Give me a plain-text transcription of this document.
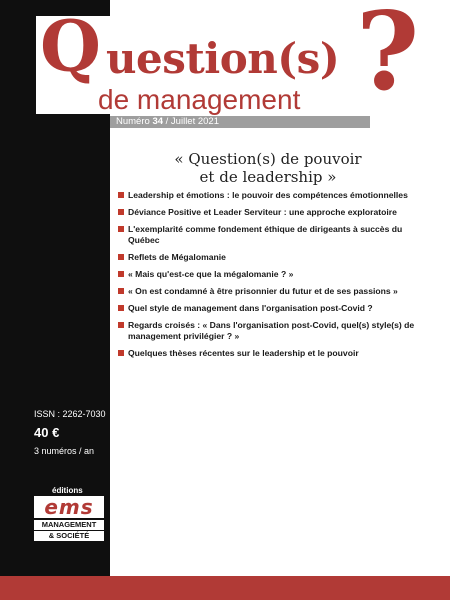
Q uestion(s)
de management ?
Numéro 34 / Juillet 2021
« Question(s) de pouvoir
et de leadership »
Leadership et émotions : le pouvoir des compétences émotionnelles
Déviance Positive et Leader Serviteur : une approche exploratoire
L'exemplarité comme fondement éthique de dirigeants à succès du Québec
Reflets de Mégalomanie
« Mais qu'est-ce que la mégalomanie ? »
« On est condamné à être prisonnier du futur et de ses passions »
Quel style de management dans l'organisation post-Covid ?
Regards croisés : « Dans l'organisation post-Covid, quel(s) style(s) de management privilégier ? »
Quelques thèses récentes sur le leadership et le pouvoir
ISSN : 2262-7030
40 €
3 numéros / an
éditions
ems
MANAGEMENT
& SOCIÉTÉ
